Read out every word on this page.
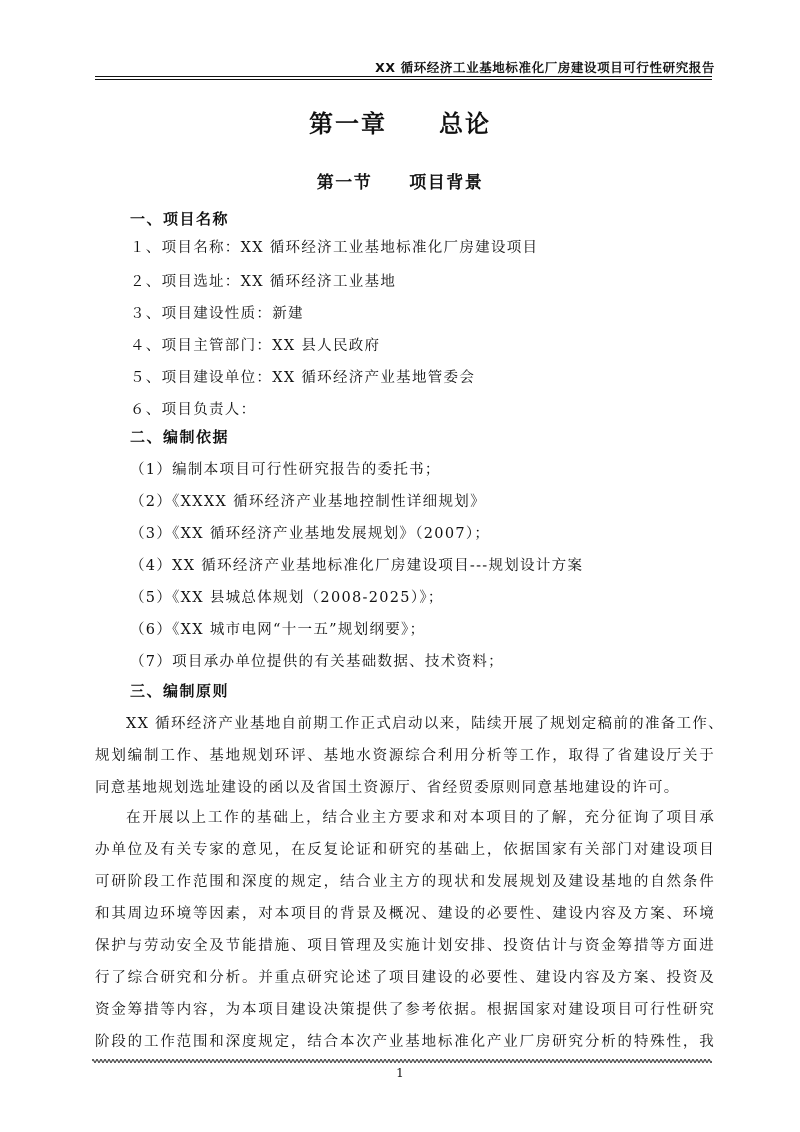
XX 循环经济工业基地标准化厂房建设项目可行性研究报告
第一章　　总论
第一节　　项目背景
一、项目名称
１、项目名称：XX 循环经济工业基地标准化厂房建设项目
２、项目选址：XX 循环经济工业基地
３、项目建设性质：新建
４、项目主管部门：XX 县人民政府
５、项目建设单位：XX 循环经济产业基地管委会
６、项目负责人：
二、编制依据
（1）编制本项目可行性研究报告的委托书；
（2）《XXXX 循环经济产业基地控制性详细规划》
（3）《XX 循环经济产业基地发展规划》（2007）；
（4）XX 循环经济产业基地标准化厂房建设项目---规划设计方案
（5）《XX 县城总体规划（2008-2025）》；
（6）《XX 城市电网“十一五”规划纲要》；
（7）项目承办单位提供的有关基础数据、技术资料；
三、编制原则
XX 循环经济产业基地自前期工作正式启动以来，陆续开展了规划定稿前的准备工作、
规划编制工作、基地规划环评、基地水资源综合利用分析等工作，取得了省建设厅关于
同意基地规划选址建设的函以及省国土资源厅、省经贸委原则同意基地建设的许可。
在开展以上工作的基础上，结合业主方要求和对本项目的了解，充分征询了项目承
办单位及有关专家的意见，在反复论证和研究的基础上，依据国家有关部门对建设项目
可研阶段工作范围和深度的规定，结合业主方的现状和发展规划及建设基地的自然条件
和其周边环境等因素，对本项目的背景及概况、建设的必要性、建设内容及方案、环境
保护与劳动安全及节能措施、项目管理及实施计划安排、投资估计与资金筹措等方面进
行了综合研究和分析。并重点研究论述了项目建设的必要性、建设内容及方案、投资及
资金筹措等内容，为本项目建设决策提供了参考依据。根据国家对建设项目可行性研究
阶段的工作范围和深度规定，结合本次产业基地标准化产业厂房研究分析的特殊性，我
1
